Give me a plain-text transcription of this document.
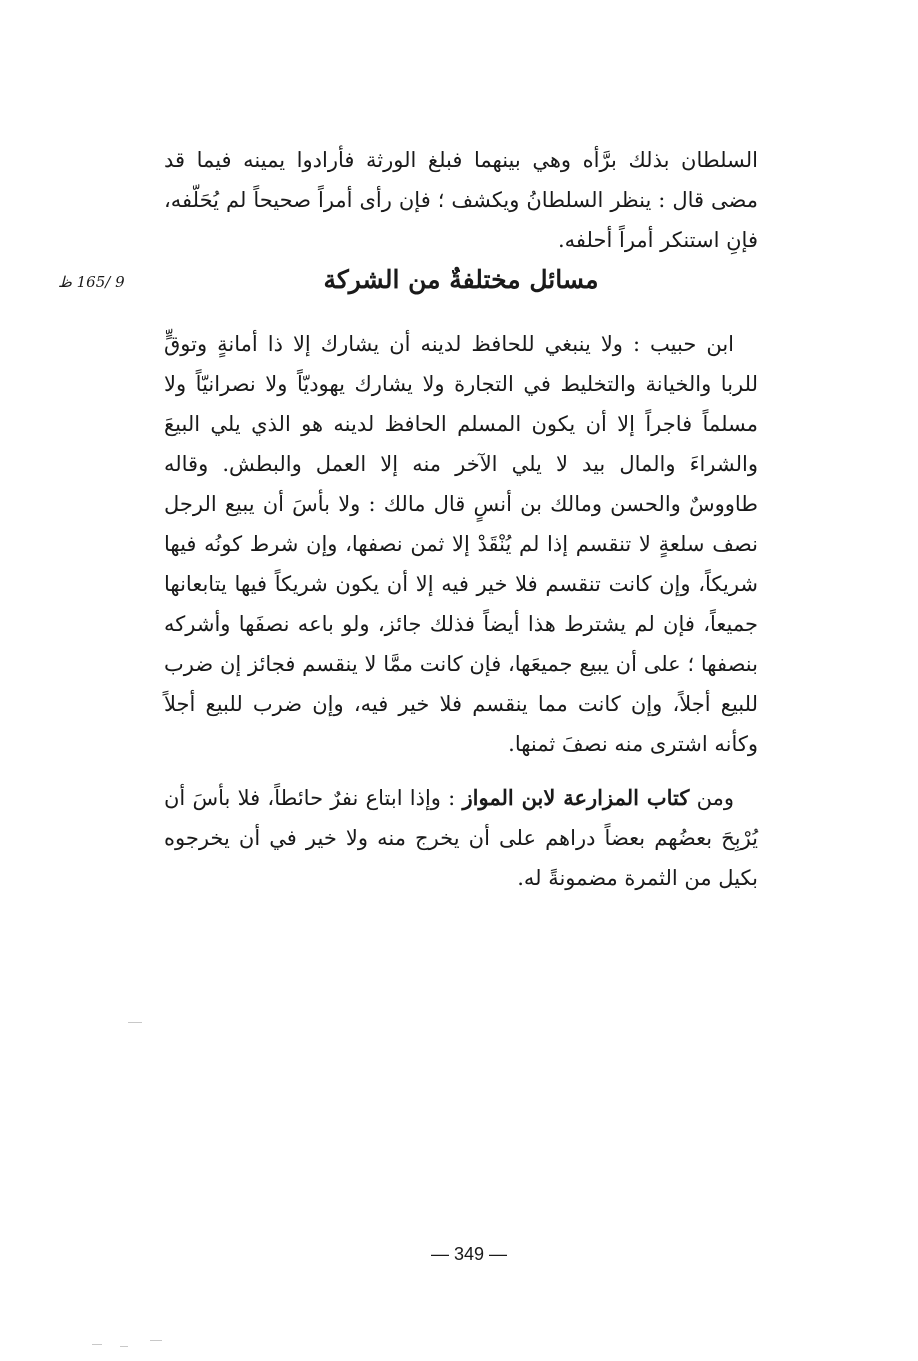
السلطان بذلك برَّأه وهي بينهما فبلغ الورثة فأرادوا يمينه فيما قد مضى قال : ينظر السلطانُ ويكشف ؛ فإن رأى أمراً صحيحاً لم يُحَلّفه، فإنِ استنكر أمراً أحلفه.

9 /165 ظ	مسائل مختلفةٌ من الشركة

ابن حبيب : ولا ينبغي للحافظ لدينه أن يشارك إلا ذا أمانةٍ وتوقٍّ للربا والخيانة والتخليط في التجارة ولا يشارك يهوديّاً ولا نصرانيّاً ولا مسلماً فاجراً إلا أن يكون المسلم الحافظ لدينه هو الذي يلي البيعَ والشراءَ والمال بيد لا يلي الآخر منه إلا العمل والبطش. وقاله طاووسٌ والحسن ومالك بن أنسٍ قال مالك : ولا بأسَ أن يبيع الرجل نصف سلعةٍ لا تنقسم إذا لم يُنْقَدْ إلا ثمن نصفها، وإن شرط كونُه فيها شريكاً، وإن كانت تنقسم فلا خير فيه إلا أن يكون شريكاً فيها يتابعانها جميعاً، فإن لم يشترط هذا أيضاً فذلك جائز، ولو باعه نصفَها وأشركه بنصفها ؛ على أن يبيع جميعَها، فإن كانت ممَّا لا ينقسم فجائز إن ضرب للبيع أجلاً، وإن كانت مما ينقسم فلا خير فيه، وإن ضرب للبيع أجلاً وكأنه اشترى منه نصفَ ثمنها.

ومن كتاب المزارعة لابن المواز : وإذا ابتاع نفرٌ حائطاً، فلا بأسَ أن يُرْبِحَ بعضُهم بعضاً دراهم على أن يخرج منه ولا خير في أن يخرجوه بكيل من الثمرة مضمونةً له.

— 349 —
